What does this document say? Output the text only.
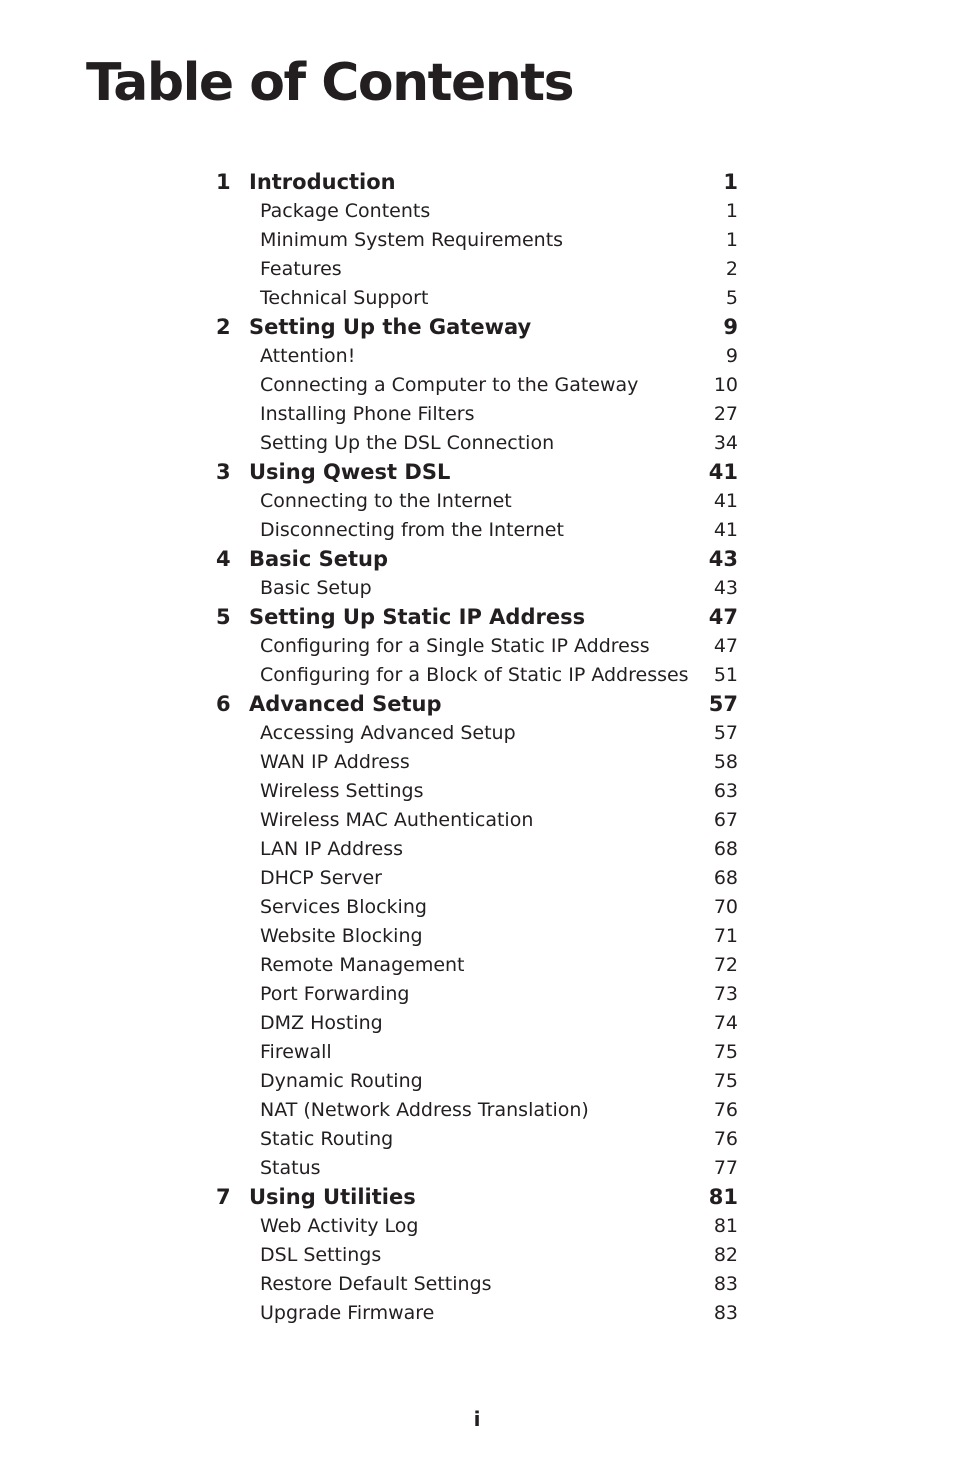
Table of Contents
1 Introduction	1
Package Contents	1
Minimum System Requirements	1
Features	2
Technical Support	5
2 Setting Up the Gateway	9
Attention!	9
Connecting a Computer to the Gateway	10
Installing Phone Filters	27
Setting Up the DSL Connection	34
3 Using Qwest DSL	41
Connecting to the Internet	41
Disconnecting from the Internet	41
4 Basic Setup	43
Basic Setup	43
5 Setting Up Static IP Address	47
Configuring for a Single Static IP Address	47
Configuring for a Block of Static IP Addresses 51
6 Advanced Setup	57
Accessing Advanced Setup	57
WAN IP Address	58
Wireless Settings	63
Wireless MAC Authentication	67
LAN IP Address	68
DHCP Server	68
Services Blocking	70
Website Blocking	71
Remote Management	72
Port Forwarding	73
DMZ Hosting	74
Firewall	75
Dynamic Routing	75
NAT (Network Address Translation)	76
Static Routing	76
Status	77
7 Using Utilities	81
Web Activity Log	81
DSL Settings	82
Restore Default Settings	83
Upgrade Firmware	83
i
